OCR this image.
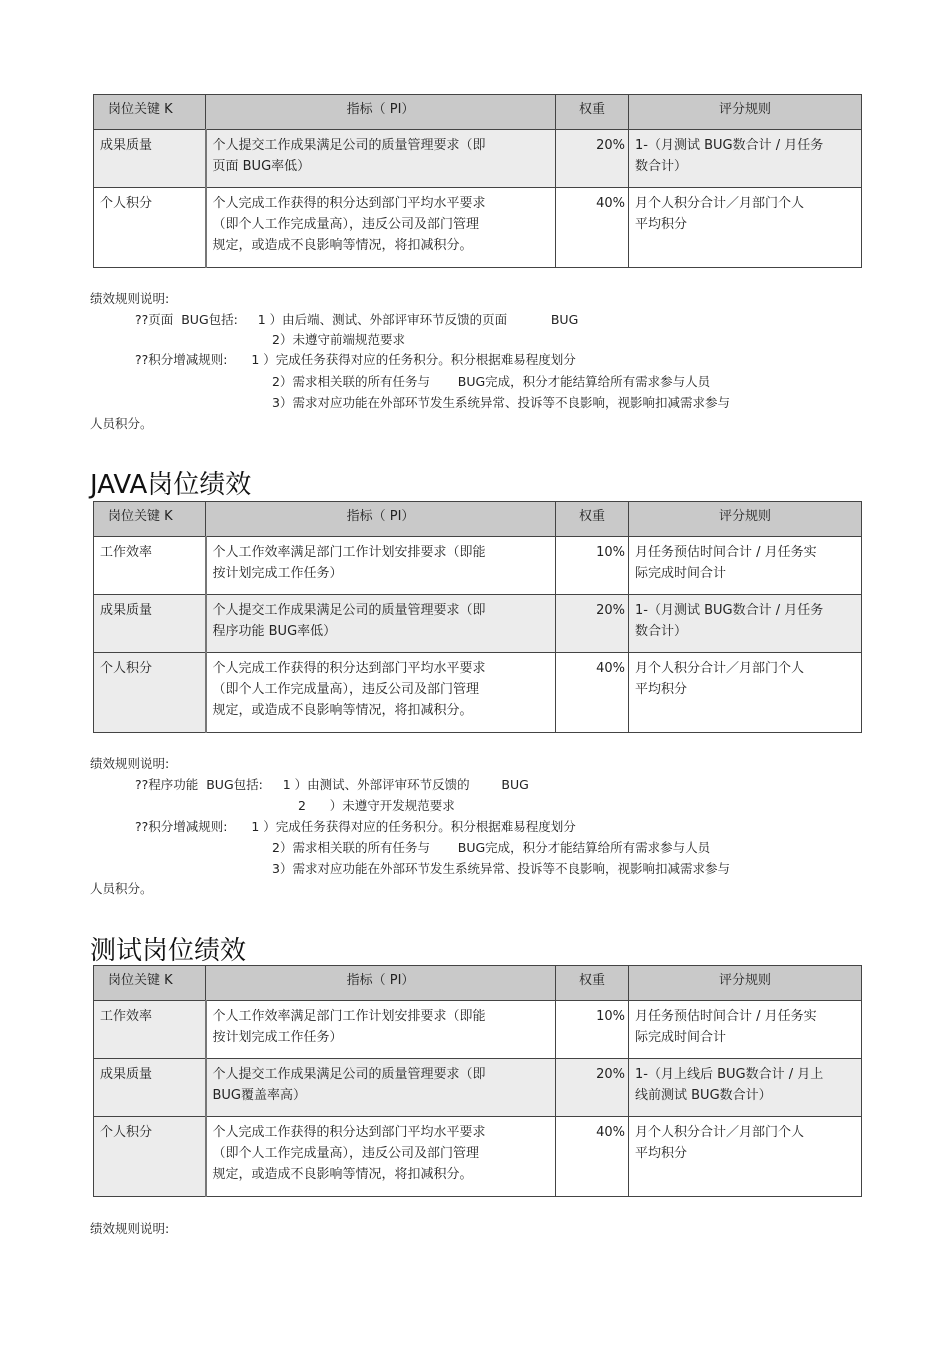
岗位关键 K	指标（ PI）	权重	评分规则
成果质量	个人提交工作成果满足公司的质量管理要求（即
页面 BUG率低）	20%	1-（月测试 BUG数合计 / 月任务
数合计）
个人积分	个人完成工作获得的积分达到部门平均水平要求
（即个人工作完成量高），违反公司及部门管理
规定，或造成不良影响等情况，将扣减积分。	40%	月个人积分合计／月部门个人
平均积分
绩效规则说明:
??页面  BUG包括:     1 ）由后端、测试、外部评审环节反馈的页面           BUG
2）未遵守前端规范要求
??积分增减规则:      1 ）完成任务获得对应的任务积分。积分根据难易程度划分
2）需求相关联的所有任务与       BUG完成，积分才能结算给所有需求参与人员
3）需求对应功能在外部环节发生系统异常、投诉等不良影响，视影响扣减需求参与
人员积分。
JAVA岗位绩效
岗位关键 K	指标（ PI）	权重	评分规则
工作效率	个人工作效率满足部门工作计划安排要求（即能
按计划完成工作任务）	10%	月任务预估时间合计 / 月任务实
际完成时间合计
成果质量	个人提交工作成果满足公司的质量管理要求（即
程序功能 BUG率低）	20%	1-（月测试 BUG数合计 / 月任务
数合计）
个人积分	个人完成工作获得的积分达到部门平均水平要求
（即个人工作完成量高），违反公司及部门管理
规定，或造成不良影响等情况，将扣减积分。	40%	月个人积分合计／月部门个人
平均积分
绩效规则说明:
??程序功能  BUG包括:     1 ）由测试、外部评审环节反馈的        BUG
2      ）未遵守开发规范要求
??积分增减规则:      1 ）完成任务获得对应的任务积分。积分根据难易程度划分
2）需求相关联的所有任务与       BUG完成，积分才能结算给所有需求参与人员
3）需求对应功能在外部环节发生系统异常、投诉等不良影响，视影响扣减需求参与
人员积分。
测试岗位绩效
岗位关键 K	指标（ PI）	权重	评分规则
工作效率	个人工作效率满足部门工作计划安排要求（即能
按计划完成工作任务）	10%	月任务预估时间合计 / 月任务实
际完成时间合计
成果质量	个人提交工作成果满足公司的质量管理要求（即
BUG覆盖率高）	20%	1-（月上线后 BUG数合计 / 月上
线前测试 BUG数合计）
个人积分	个人完成工作获得的积分达到部门平均水平要求
（即个人工作完成量高），违反公司及部门管理
规定，或造成不良影响等情况，将扣减积分。	40%	月个人积分合计／月部门个人
平均积分
绩效规则说明:
